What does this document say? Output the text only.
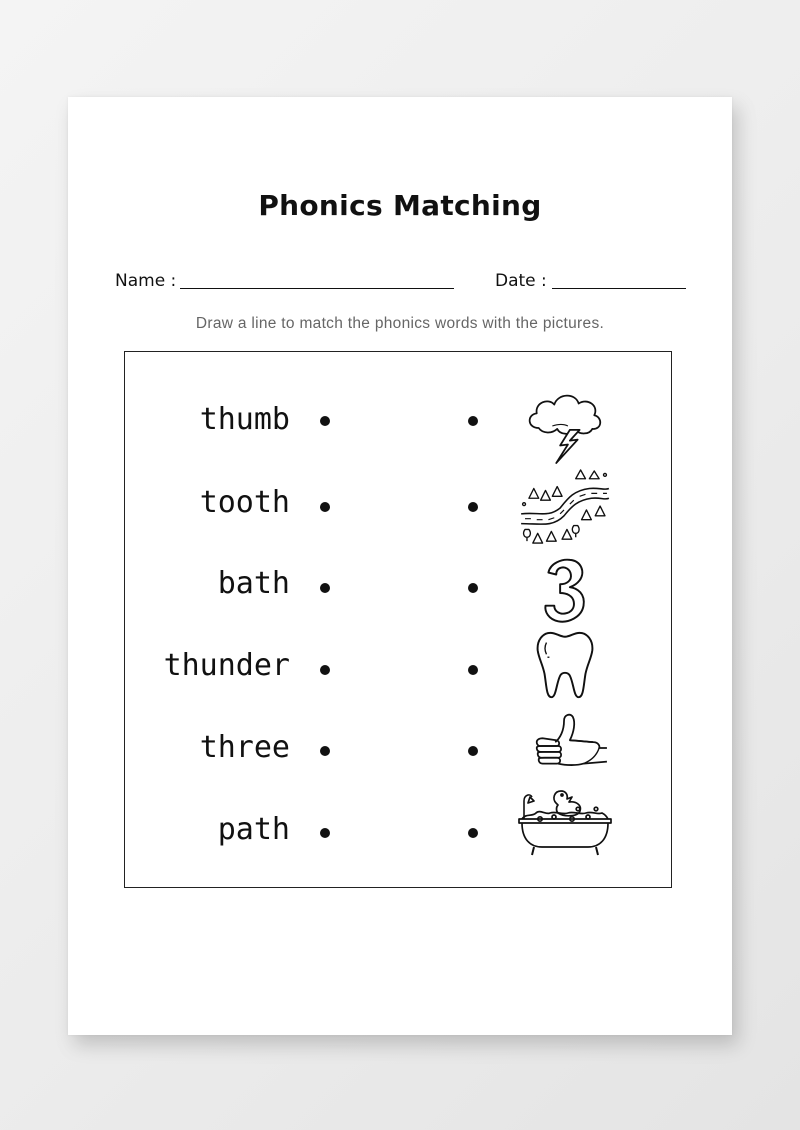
Phonics Matching
Name :	Date :
Draw a line to match the phonics words with the pictures.
thumb
tooth
bath
thunder
three
path
